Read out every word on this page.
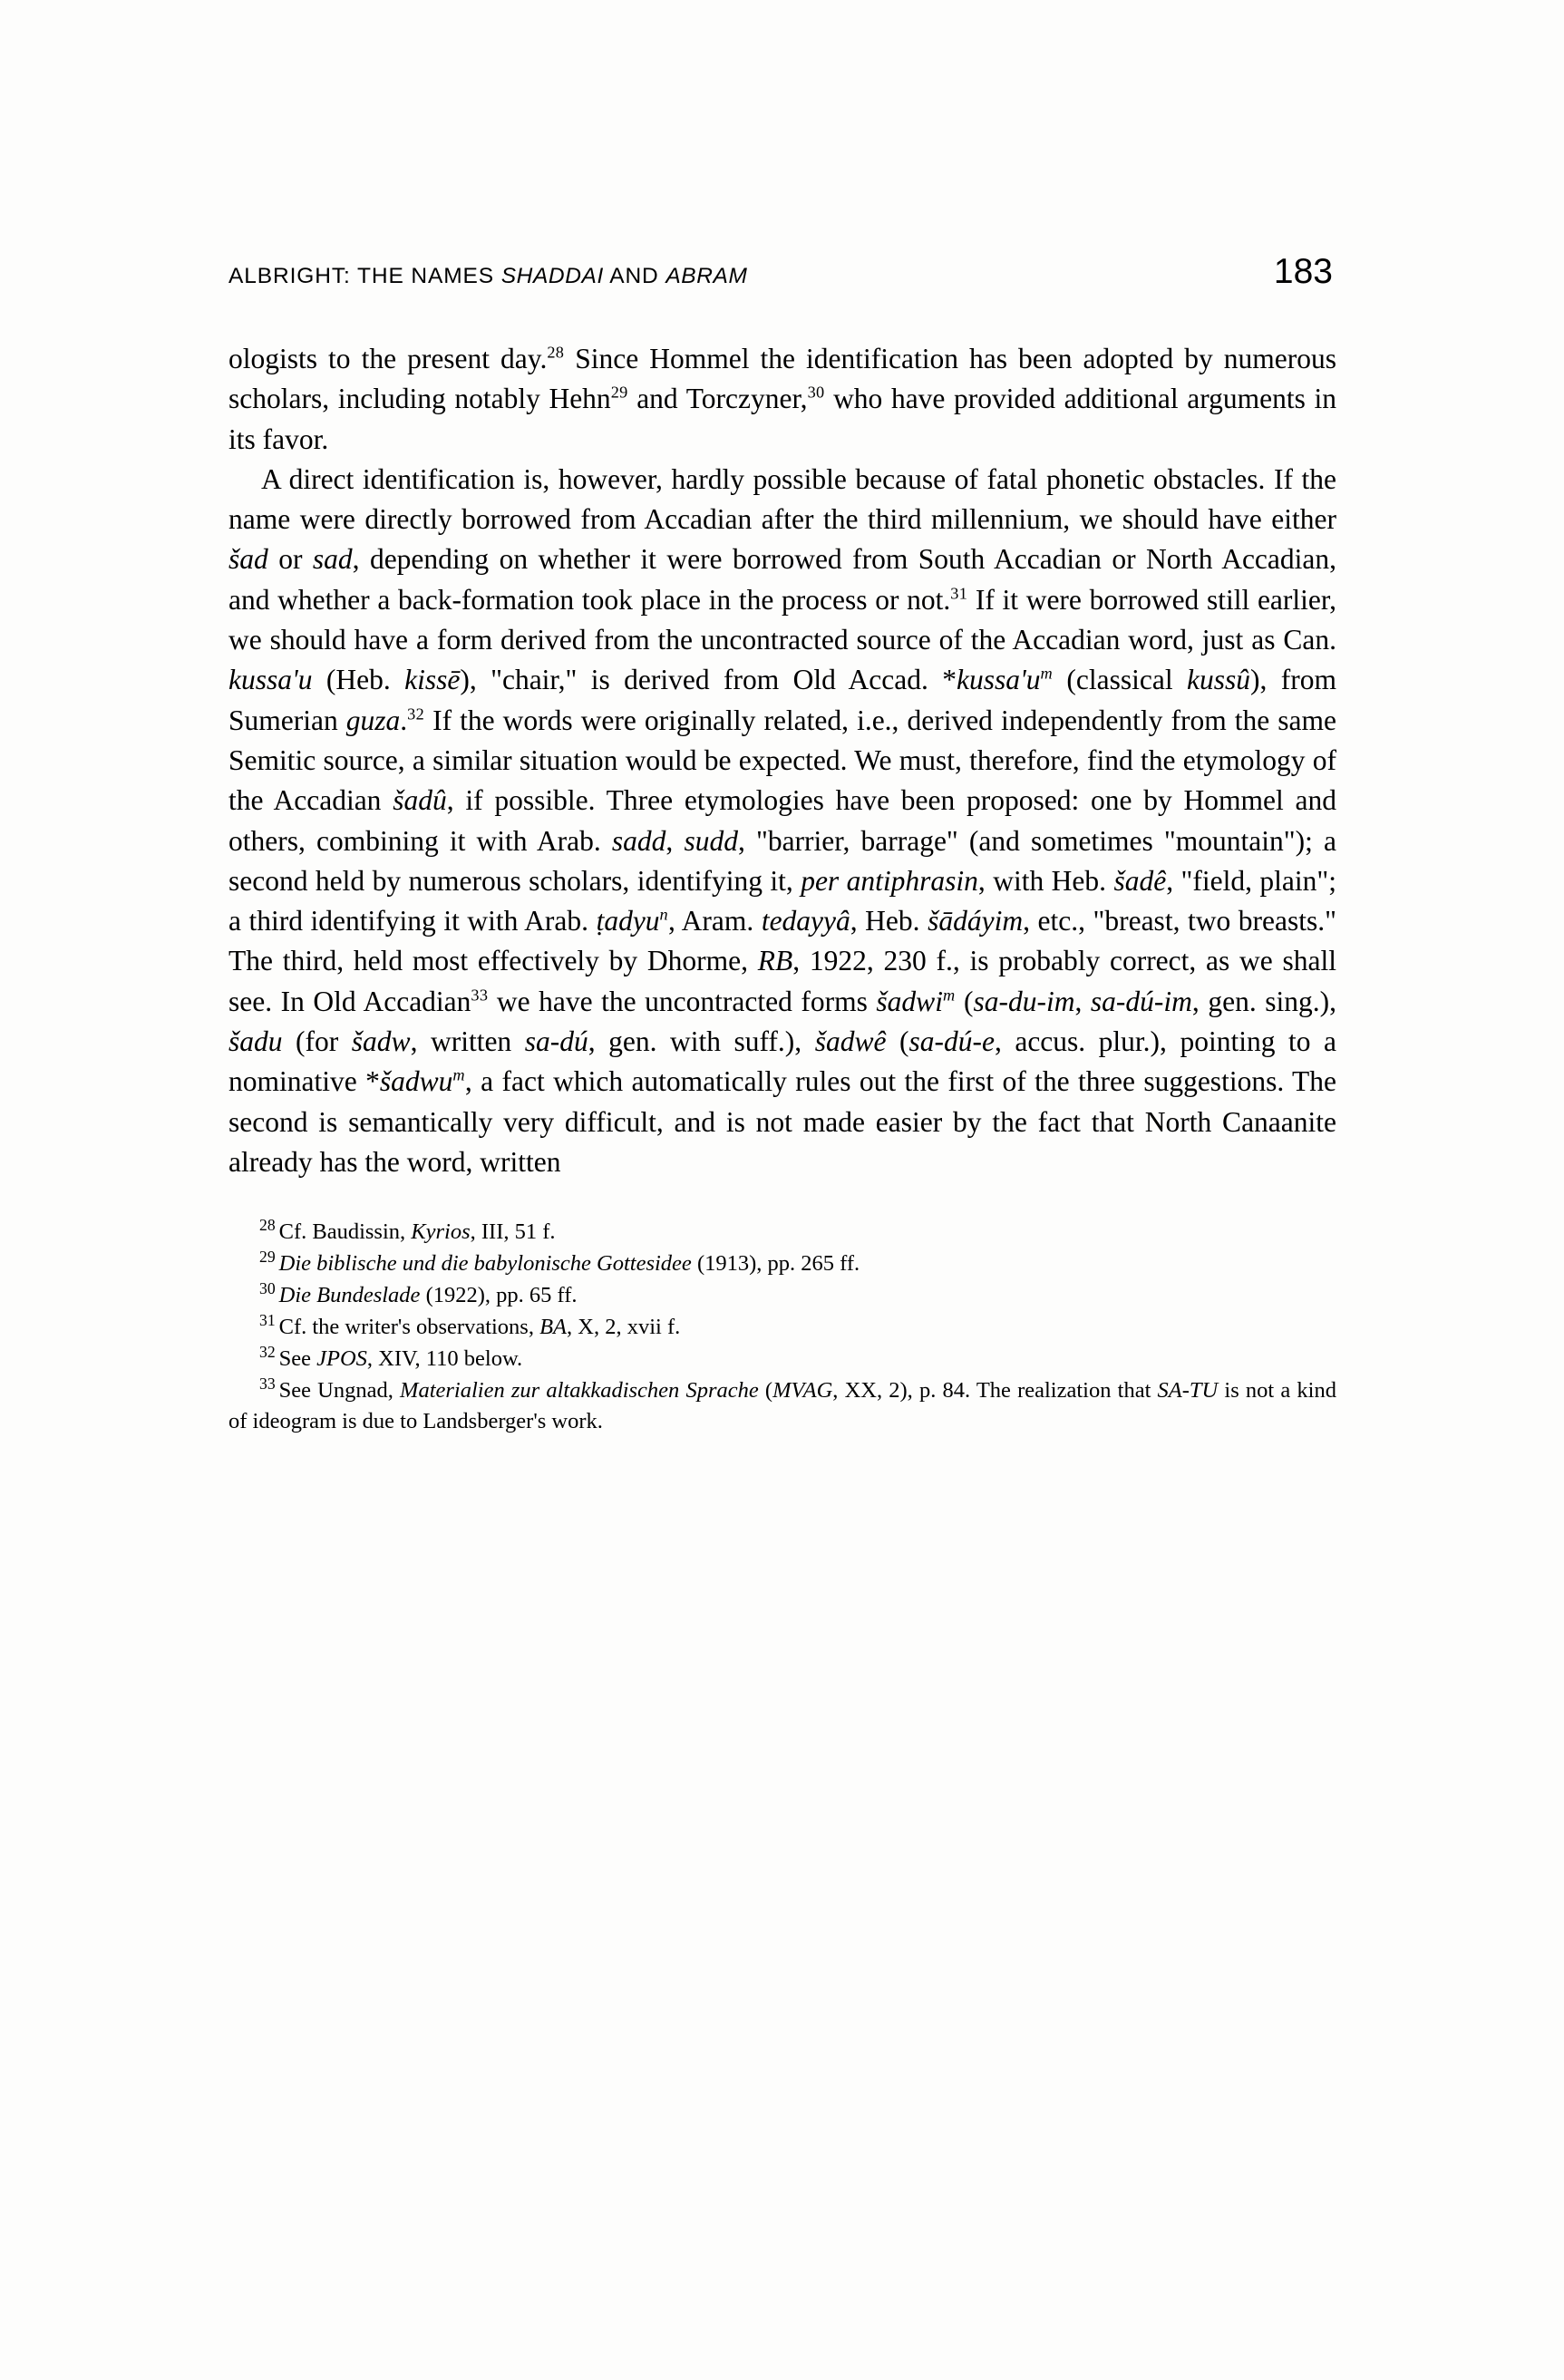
ALBRIGHT: THE NAMES SHADDAI AND ABRAM	183

ologists to the present day.$^{28}$ Since Hommel the identification has been adopted by numerous scholars, including notably Hehn$^{29}$ and Torczyner,$^{30}$ who have provided additional arguments in its favor.

A direct identification is, however, hardly possible because of fatal phonetic obstacles. If the name were directly borrowed from Accadian after the third millennium, we should have either šad or sad, depending on whether it were borrowed from South Accadian or North Accadian, and whether a back-formation took place in the process or not.$^{31}$ If it were borrowed still earlier, we should have a form derived from the uncontracted source of the Accadian word, just as Can. kussa'u (Heb. kissē), "chair," is derived from Old Accad. $*kussa'u^m$ (classical kussû), from Sumerian guza.$^{32}$ If the words were originally related, i.e., derived independently from the same Semitic source, a similar situation would be expected. We must, therefore, find the etymology of the Accadian šadû, if possible. Three etymologies have been proposed: one by Hommel and others, combining it with Arab. sadd, sudd, "barrier, barrage" (and sometimes "mountain"); a second held by numerous scholars, identifying it, per antiphrasin, with Heb. šadê, "field, plain"; a third identifying it with Arab. ṭadyu$^n$, Aram. tedayyâ, Heb. šādáyim, etc., "breast, two breasts." The third, held most effectively by Dhorme, RB, 1922, 230 f., is probably correct, as we shall see. In Old Accadian$^{33}$ we have the uncontracted forms šadwi$^m$ (sa-du-im, sa-dú-im, gen. sing.), šadu (for šadw, written sa-dú, gen. with suff.), šadwê (sa-dú-e, accus. plur.), pointing to a nominative *šadwu$^m$, a fact which automatically rules out the first of the three suggestions. The second is semantically very difficult, and is not made easier by the fact that North Canaanite already has the word, written

$^{28}$ Cf. Baudissin, Kyrios, III, 51 f.

$^{29}$ Die biblische und die babylonische Gottesidee (1913), pp. 265 ff.

$^{30}$ Die Bundeslade (1922), pp. 65 ff.

$^{31}$ Cf. the writer's observations, BA, X, 2, xvii f.

$^{32}$ See JPOS, XIV, 110 below.

$^{33}$ See Ungnad, Materialien zur altakkadischen Sprache (MVAG, XX, 2), p. 84. The realization that SA-TU is not a kind of ideogram is due to Landsberger's work.
